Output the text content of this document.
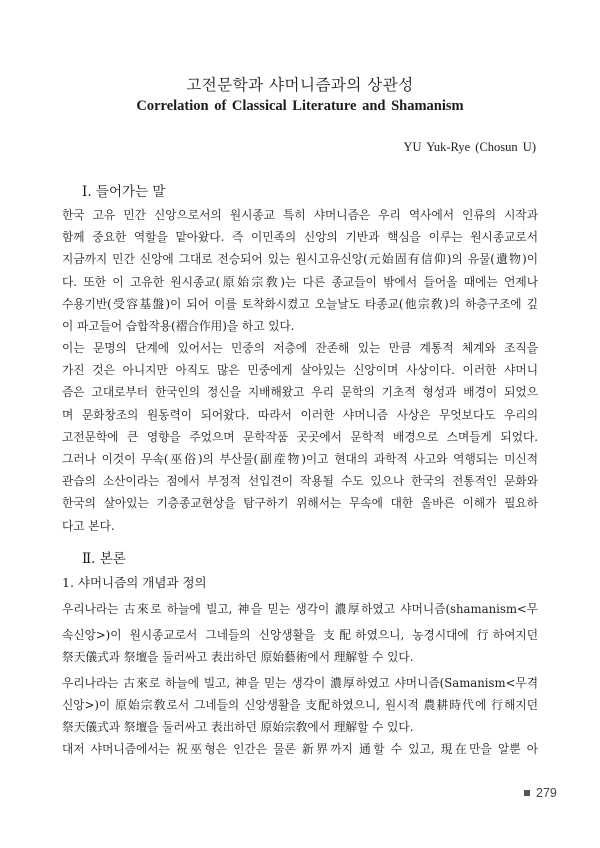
고전문학과 샤머니즘과의 상관성
Correlation of Classical Literature and Shamanism
YU Yuk-Rye (Chosun U)
Ⅰ. 들어가는 말
한국 고유 민간 신앙으로서의 원시종교 특히 샤머니즘은 우리 역사에서 인류의 시작과
함께 중요한 역할을 맡아왔다. 즉 이민족의 신앙의 기반과 핵심을 이루는 원시종교로서
지금까지 민간 신앙에 그대로 전승되어 있는 원시고유신앙(元始固有信仰)의 유물(遺物)이
다. 또한 이 고유한 원시종교(原始宗敎)는 다른 종교들이 밖에서 들어올 때에는 언제나
수용기반(受容基盤)이 되어 이를 토착화시켰고 오늘날도 타종교(他宗敎)의 하층구조에 깊
이 파고들어 습합작용(褶合作用)을 하고 있다.
이는 문명의 단계에 있어서는 민중의 저층에 잔존해 있는 만큼 계통적 체계와 조직을
가진 것은 아니지만 아직도 많은 민중에게 살아있는 신앙이며 사상이다. 이러한 샤머니
즘은 고대로부터 한국인의 정신을 지배해왔고 우리 문학의 기초적 형성과 배경이 되었으
며 문화창조의 원동력이 되어왔다. 따라서 이러한 샤머니즘 사상은 무엇보다도 우리의
고전문학에 큰 영향을 주었으며 문학작품 곳곳에서 문학적 배경으로 스며들게 되었다.
그러나 이것이 무속(巫俗)의 부산물(副産物)이고 현대의 과학적 사고와 역행되는 미신적
관습의 소산이라는 점에서 부정적 선입견이 작용될 수도 있으나 한국의 전통적인 문화와
한국의 살아있는 기층종교현상을 탐구하기 위해서는 무속에 대한 올바른 이해가 필요하
다고 본다.
Ⅱ. 본론
1. 샤머니즘의 개념과 정의
우리나라는 古來로 하늘에 빌고, 神을 믿는 생각이 濃厚하였고 샤머니즘(shamanism<무
속신앙>)이 원시종교로서 그네들의 신앙생활을 支配하였으니, 농경시대에 行하여지던
祭天儀式과 祭壇을 둘러싸고 表出하던 原始藝術에서 理解할 수 있다.
우리나라는 古來로 하늘에 빌고, 神을 믿는 생각이 濃厚하였고 샤머니즘(Samanism<무격
신앙>)이 原始宗敎로서 그네들의 신앙생활을 支配하였으니, 원시적 農耕時代에 行해지던
祭天儀式과 祭壇을 둘러싸고 表出하던 原始宗敎에서 理解할 수 있다.
대저 샤머니즘에서는 祝巫형은 인간은 물론 新界까지 通할 수 있고, 現在만을 알뿐 아
279
